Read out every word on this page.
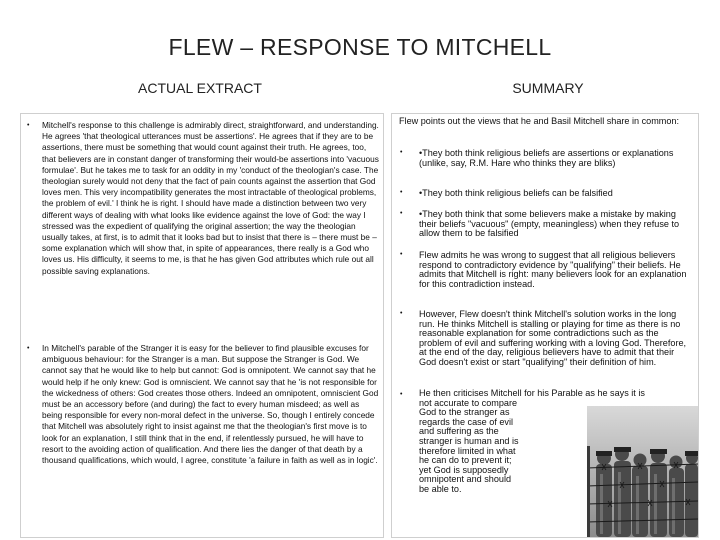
FLEW – RESPONSE TO MITCHELL
ACTUAL EXTRACT	SUMMARY
• Mitchell's response to this challenge is admirably direct, straightforward, and understanding. He agrees 'that theological utterances must be assertions'. He agrees that if they are to be assertions, there must be something that would count against their truth. He agrees, too, that believers are in constant danger of transforming their would-be assertions into 'vacuous formulae'. But he takes me to task for an oddity in my 'conduct of the theologian's case. The theologian surely would not deny that the fact of pain counts against the assertion that God loves men. This very incompatibility generates the most intractable of theological problems, the problem of evil.' I think he is right. I should have made a distinction between two very different ways of dealing with what looks like evidence against the love of God: the way I stressed was the expedient of qualifying the original assertion; the way the theologian usually takes, at first, is to admit that it looks bad but to insist that there is – there must be – some explanation which will show that, in spite of appearances, there really is a God who loves us. His difficulty, it seems to me, is that he has given God attributes which rule out all possible saving explanations.
• In Mitchell's parable of the Stranger it is easy for the believer to find plausible excuses for ambiguous behaviour: for the Stranger is a man. But suppose the Stranger is God. We cannot say that he would like to help but cannot: God is omnipotent. We cannot say that he would help if he only knew: God is omniscient. We cannot say that he 'is not responsible for the wickedness of others: God creates those others. Indeed an omnipotent, omniscient God must be an accessory before (and during) the fact to every human misdeed; as well as being responsible for every non-moral defect in the universe. So, though I entirely concede that Mitchell was absolutely right to insist against me that the theologian's first move is to look for an explanation, I still think that in the end, if relentlessly pursued, he will have to resort to the avoiding action of qualification. And there lies the danger of that death by a thousand qualifications, which would, I agree, constitute 'a failure in faith as well as in logic'.
Flew points out the views that he and Basil Mitchell share in common:
• •They both think religious beliefs are assertions or explanations (unlike, say, R.M. Hare who thinks they are bliks)
• •They both think religious beliefs can be falsified
• •They both think that some believers make a mistake by making their beliefs "vacuous" (empty, meaningless) when they refuse to allow them to be falsified
• Flew admits he was wrong to suggest that all religious believers respond to contradictory evidence by "qualifying" their beliefs. He admits that Mitchell is right: many believers look for an explanation for this contradiction instead.
• However, Flew doesn't think Mitchell's solution works in the long run. He thinks Mitchell is stalling or playing for time as there is no reasonable explanation for some contradictions such as the problem of evil and suffering working with a loving God. Therefore, at the end of the day, religious believers have to admit that their God doesn't exist or start "qualifying" their definition of him.
• He then criticises Mitchell for his Parable as he says it is
not accurate to compare
God to the stranger as
regards the case of evil
and suffering as the
stranger is human and is
therefore limited in what
he can do to prevent it;
yet God is supposedly
omnipotent and should
be able to.
